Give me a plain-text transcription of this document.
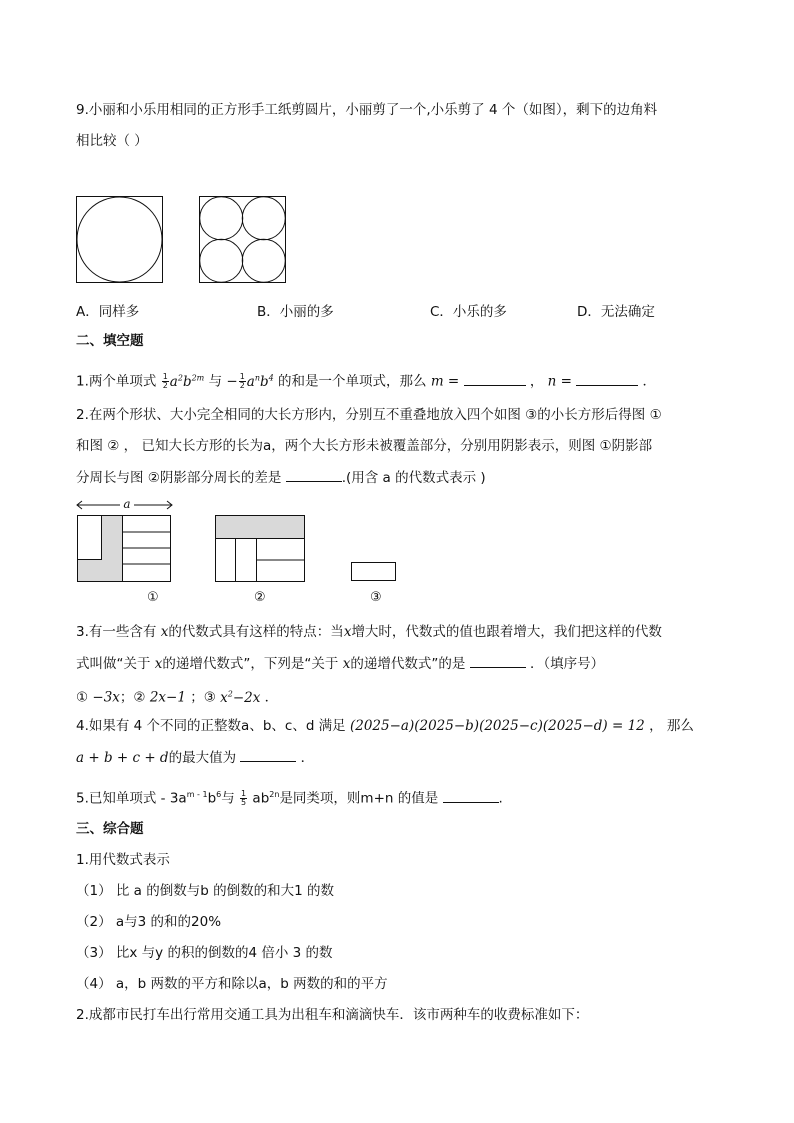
9.小丽和小乐用相同的正方形手工纸剪圆片，小丽剪了一个,小乐剪了 4 个（如图），剩下的边角料
相比较（ ）
A．同样多	B．小丽的多	C．小乐的多	D．无法确定
二、填空题
1.两个单项式 $\frac{1}{2} a^2b^{2m}$ 与 − $\frac{1}{2} a^nb^4$ 的和是一个单项式，那么 m =	， n =	．
2.在两个形状、大小完全相同的大长方形内，分别互不重叠地放入四个如图 ③的小长方形后得图 ①
和图 ② ， 已知大长方形的长为a，两个大长方形未被覆盖部分，分别用阴影表示，则图 ①阴影部
分周长与图 ②阴影部分周长的差是	.(用含 a 的代数式表示 )
a
①	②	③
3.有一些含有 x的代数式具有这样的特点：当x增大时，代数式的值也跟着增大，我们把这样的代数
式叫做“关于 x的递增代数式”，下列是“关于 x的递增代数式”的是	．（填序号）
① −3x；② 2x−1 ；③ $x^2-2x$ ．
4.如果有 4 个不同的正整数a、b、c、d 满足 (2025−a)(2025−b)(2025−c)(2025−d) = 12 ， 那么
a + b + c + d的最大值为	．
5.已知单项式 - $3a^{m - 1}b^6$与 $\frac{1}{5} ab^{2n}$是同类项，则m+n 的值是	.
三、综合题
1.用代数式表示
（1） 比 a 的倒数与b 的倒数的和大1 的数
（2） a与3 的和的20%
（3） 比x 与y 的积的倒数的4 倍小 3 的数
（4） a，b 两数的平方和除以a，b 两数的和的平方
2.成都市民打车出行常用交通工具为出租车和滴滴快车．该市两种车的收费标准如下：
